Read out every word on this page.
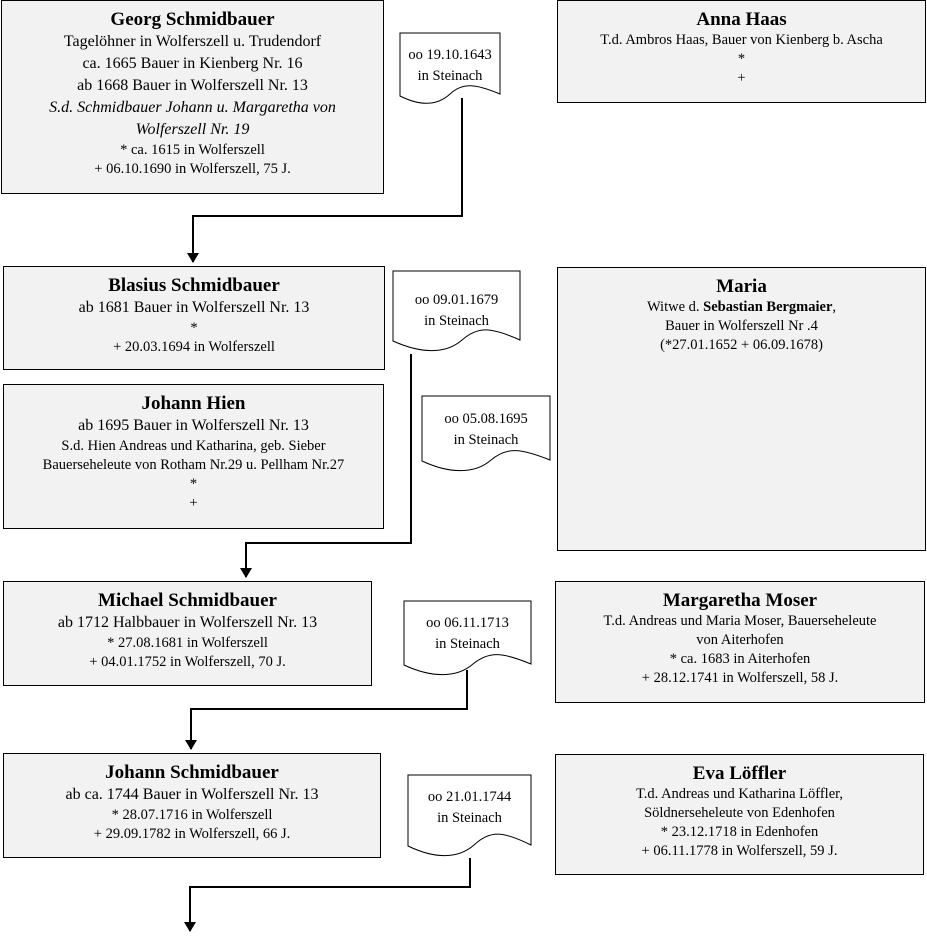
Georg Schmidbauer
Tagelöhner in Wolferszell u. Trudendorf
ca. 1665 Bauer in Kienberg Nr. 16
ab 1668 Bauer in Wolferszell Nr. 13
S.d. Schmidbauer Johann u. Margaretha von
Wolferszell Nr. 19
* ca. 1615 in Wolferszell
+ 06.10.1690 in Wolferszell, 75 J.
Anna Haas
T.d. Ambros Haas, Bauer von Kienberg b. Ascha
*
+
Blasius Schmidbauer
ab 1681 Bauer in Wolferszell Nr. 13
*
+ 20.03.1694 in Wolferszell
Maria
Witwe d. Sebastian Bergmaier,
Bauer in Wolferszell Nr .4
(*27.01.1652 + 06.09.1678)
Johann Hien
ab 1695 Bauer in Wolferszell Nr. 13
S.d. Hien Andreas und Katharina, geb. Sieber
Bauerseheleute von Rotham Nr.29 u. Pellham Nr.27
*
+
Michael Schmidbauer
ab 1712 Halbbauer in Wolferszell Nr. 13
* 27.08.1681 in Wolferszell
+ 04.01.1752 in Wolferszell, 70 J.
Margaretha Moser
T.d. Andreas und Maria Moser, Bauerseheleute
von Aiterhofen
* ca. 1683 in Aiterhofen
+ 28.12.1741 in Wolferszell, 58 J.
Johann Schmidbauer
ab ca. 1744 Bauer in Wolferszell Nr. 13
* 28.07.1716 in Wolferszell
+ 29.09.1782 in Wolferszell, 66 J.
Eva Löffler
T.d. Andreas und Katharina Löffler,
Söldnerseheleute von Edenhofen
* 23.12.1718 in Edenhofen
+ 06.11.1778 in Wolferszell, 59 J.
oo 19.10.1643
in Steinach
oo 09.01.1679
in Steinach
oo 05.08.1695
in Steinach
oo 06.11.1713
in Steinach
oo 21.01.1744
in Steinach
